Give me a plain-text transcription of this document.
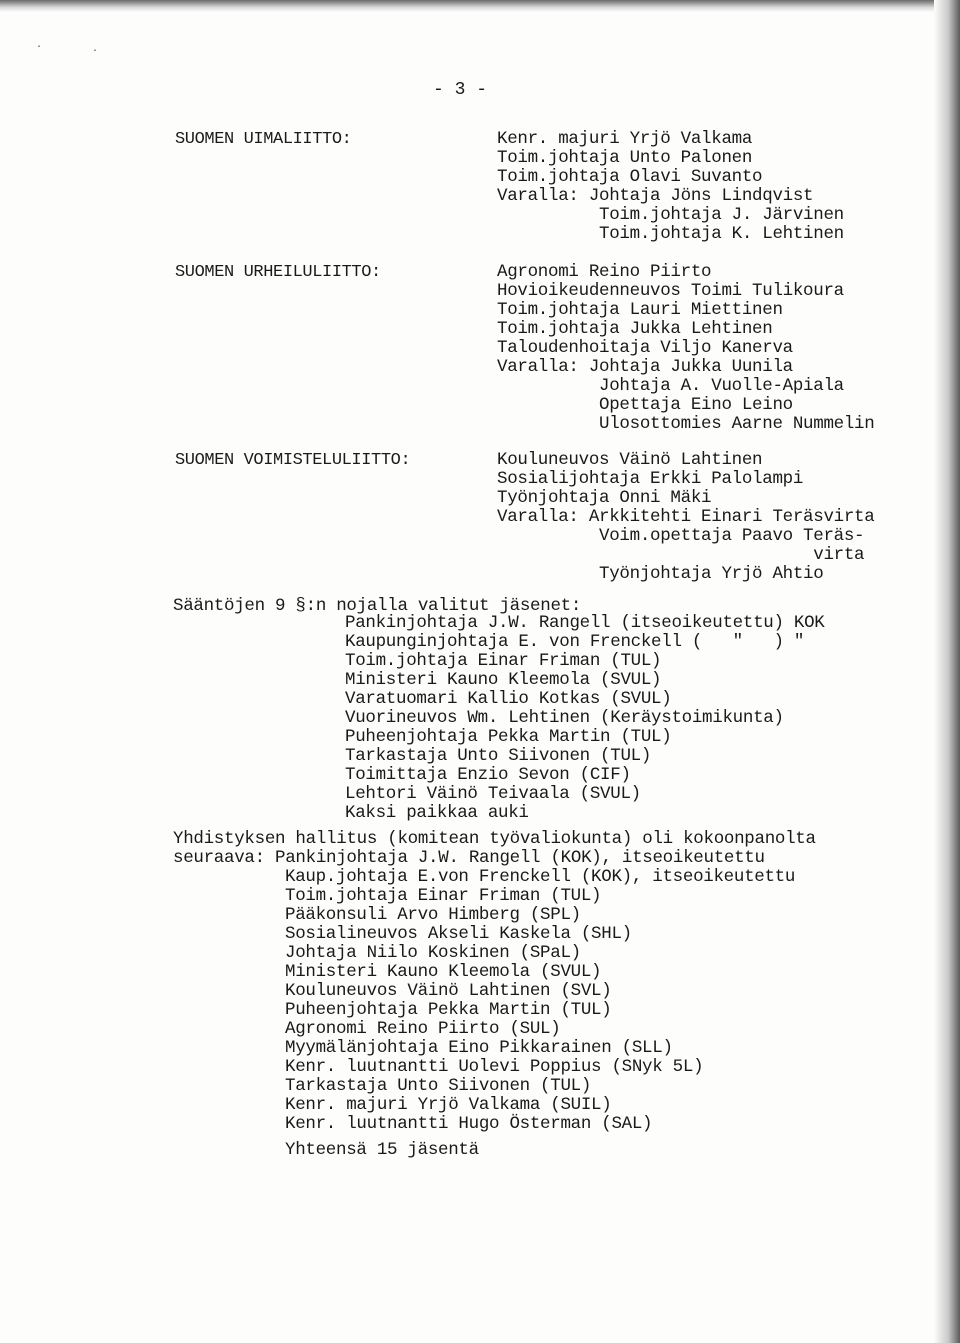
·	·
- 3 -
SUOMEN UIMALIITTO:	Kenr. majuri Yrjö Valkama
Toim.johtaja Unto Palonen
Toim.johtaja Olavi Suvanto
Varalla: Johtaja Jöns Lindqvist
Toim.johtaja J. Järvinen
Toim.johtaja K. Lehtinen
SUOMEN URHEILULIITTO:	Agronomi Reino Piirto
Hovioikeudenneuvos Toimi Tulikoura
Toim.johtaja Lauri Miettinen
Toim.johtaja Jukka Lehtinen
Taloudenhoitaja Viljo Kanerva
Varalla: Johtaja Jukka Uunila
Johtaja A. Vuolle-Apiala
Opettaja Eino Leino
Ulosottomies Aarne Nummelin
SUOMEN VOIMISTELULIITTO:	Kouluneuvos Väinö Lahtinen
Sosialijohtaja Erkki Palolampi
Työnjohtaja Onni Mäki
Varalla: Arkkitehti Einari Teräsvirta
Voim.opettaja Paavo Teräs-
virta
Työnjohtaja Yrjö Ahtio
Sääntöjen 9 §:n nojalla valitut jäsenet:
Pankinjohtaja J.W. Rangell (itseoikeutettu) KOK
Kaupunginjohtaja E. von Frenckell (   "   ) "
Toim.johtaja Einar Friman (TUL)
Ministeri Kauno Kleemola (SVUL)
Varatuomari Kallio Kotkas (SVUL)
Vuorineuvos Wm. Lehtinen (Keräystoimikunta)
Puheenjohtaja Pekka Martin (TUL)
Tarkastaja Unto Siivonen (TUL)
Toimittaja Enzio Sevon (CIF)
Lehtori Väinö Teivaala (SVUL)
Kaksi paikkaa auki
Yhdistyksen hallitus (komitean työvaliokunta) oli kokoonpanolta
seuraava: Pankinjohtaja J.W. Rangell (KOK), itseoikeutettu
Kaup.johtaja E.von Frenckell (KOK), itseoikeutettu
Toim.johtaja Einar Friman (TUL)
Pääkonsuli Arvo Himberg (SPL)
Sosialineuvos Akseli Kaskela (SHL)
Johtaja Niilo Koskinen (SPaL)
Ministeri Kauno Kleemola (SVUL)
Kouluneuvos Väinö Lahtinen (SVL)
Puheenjohtaja Pekka Martin (TUL)
Agronomi Reino Piirto (SUL)
Myymälänjohtaja Eino Pikkarainen (SLL)
Kenr. luutnantti Uolevi Poppius (SNyk 5L)
Tarkastaja Unto Siivonen (TUL)
Kenr. majuri Yrjö Valkama (SUIL)
Kenr. luutnantti Hugo Österman (SAL)
Yhteensä 15 jäsentä
